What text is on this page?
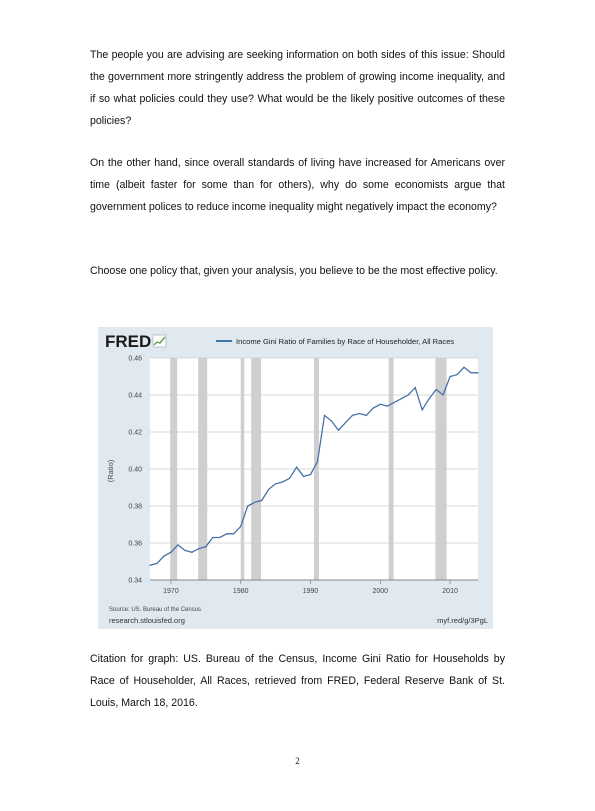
The people you are advising are seeking information on both sides of this issue: Should the government more stringently address the problem of growing income inequality, and if so what policies could they use? What would be the likely positive outcomes of these policies?

On the other hand, since overall standards of living have increased for Americans over time (albeit faster for some than for others), why do some economists argue that government polices to reduce income inequality might negatively impact the economy?

Choose one policy that, given your analysis, you believe to be the most effective policy.

0.34
0.36
0.38
0.40
0.42
0.44
0.46
1970	1980	1990	2000	2010
FRED	Income Gini Ratio of Families by Race of Householder, All Races
(Ratio)
Source: US. Bureau of the Census
research.stlouisfed.org	myf.red/g/3PgL

Citation for graph: US. Bureau of the Census, Income Gini Ratio for Households by Race of Householder, All Races, retrieved from FRED, Federal Reserve Bank of St. Louis, March 18, 2016.

2
